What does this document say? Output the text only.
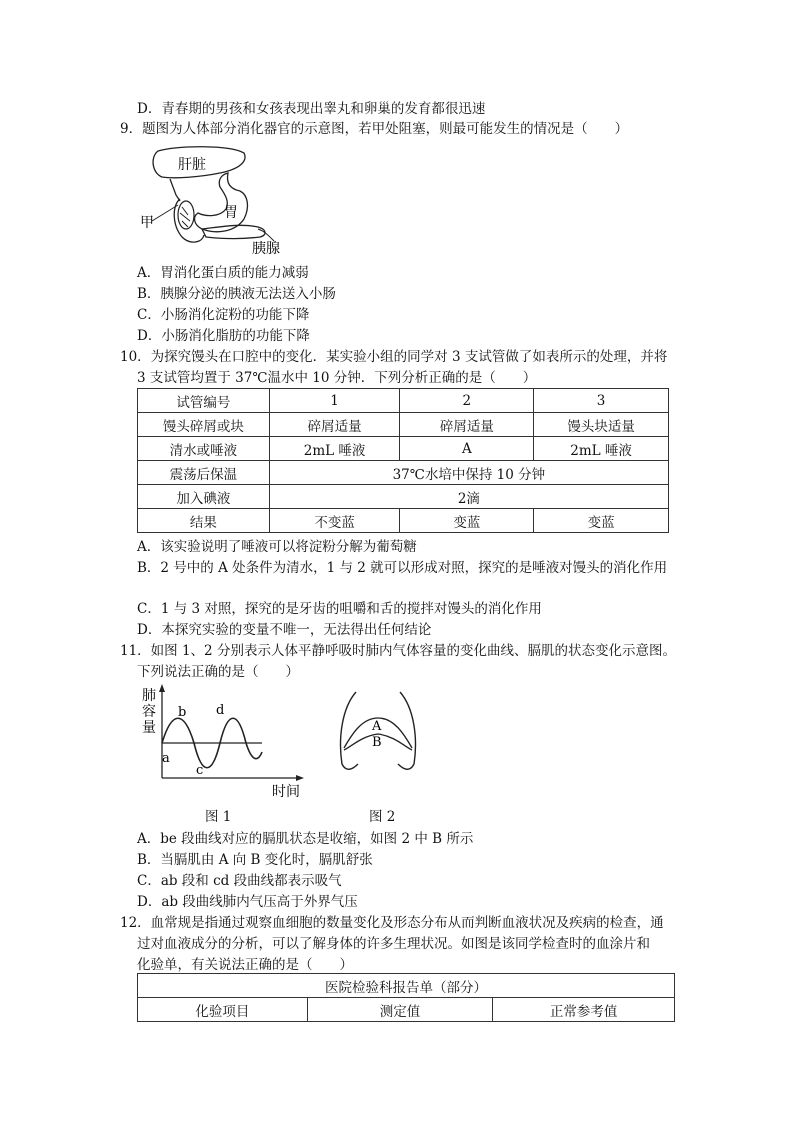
D．青春期的男孩和女孩表现出睾丸和卵巢的发育都很迅速
9．题图为人体部分消化器官的示意图，若甲处阻塞，则最可能发生的情况是（　　）
肝脏
胃
甲
胰腺
A．胃消化蛋白质的能力减弱
B．胰腺分泌的胰液无法送入小肠
C．小肠消化淀粉的功能下降
D．小肠消化脂肪的功能下降
10．为探究馒头在口腔中的变化．某实验小组的同学对 3 支试管做了如表所示的处理，并将
3 支试管均置于 37℃温水中 10 分钟．下列分析正确的是（　　）
试管编号	1	2	3
馒头碎屑或块	碎屑适量	碎屑适量	馒头块适量
清水或唾液	2mL 唾液	A	2mL 唾液
震荡后保温	37℃水培中保持 10 分钟		
加入碘液	2滴		
结果	不变蓝	变蓝	变蓝
A．该实验说明了唾液可以将淀粉分解为葡萄糖
B．2 号中的 A 处条件为清水，1 与 2 就可以形成对照，探究的是唾液对馒头的消化作用
C．1 与 3 对照，探究的是牙齿的咀嚼和舌的搅拌对馒头的消化作用
D．本探究实验的变量不唯一，无法得出任何结论
11．如图 1、2 分别表示人体平静呼吸时肺内气体容量的变化曲线、膈肌的状态变化示意图。
下列说法正确的是（　　）
肺
容
量
a
b
c
d
时间
图 1
A
B
图 2
A．be 段曲线对应的膈肌状态是收缩，如图 2 中 B 所示
B．当膈肌由 A 向 B 变化时，膈肌舒张
C．ab 段和 cd 段曲线都表示吸气
D．ab 段曲线肺内气压高于外界气压
12．血常规是指通过观察血细胞的数量变化及形态分布从而判断血液状况及疾病的检查，通
过对血液成分的分析，可以了解身体的许多生理状况。如图是该同学检查时的血涂片和
化验单，有关说法正确的是（　　）
医院检验科报告单（部分）
化验项目	测定值	正常参考值
